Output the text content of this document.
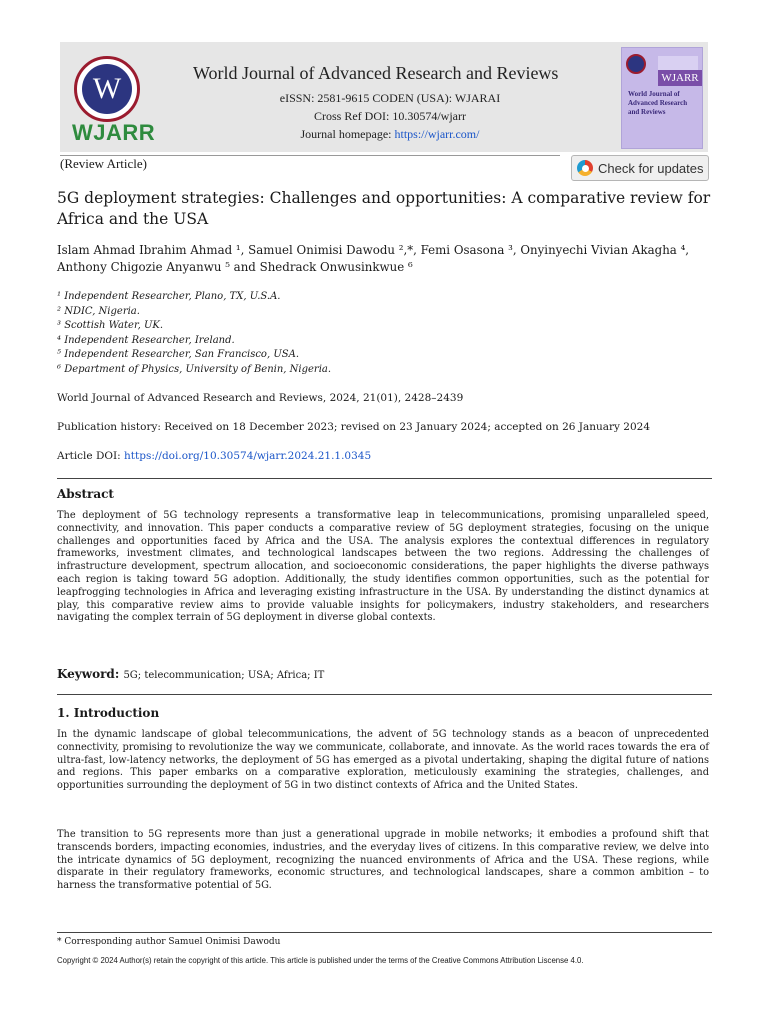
W
WJARR
World Journal of Advanced Research and Reviews
eISSN: 2581-9615 CODEN (USA): WJARAI
Cross Ref DOI: 10.30574/wjarr
Journal homepage: https://wjarr.com/
WJARR
World Journal of Advanced Research and Reviews
(Review Article)	Check for updates
5G deployment strategies: Challenges and opportunities: A comparative review for Africa and the USA
Islam Ahmad Ibrahim Ahmad ¹, Samuel Onimisi Dawodu ²,*, Femi Osasona ³, Onyinyechi Vivian Akagha ⁴,
Anthony Chigozie Anyanwu ⁵ and Shedrack Onwusinkwue ⁶
¹ Independent Researcher, Plano, TX, U.S.A.
² NDIC, Nigeria.
³ Scottish Water, UK.
⁴ Independent Researcher, Ireland.
⁵ Independent Researcher, San Francisco, USA.
⁶ Department of Physics, University of Benin, Nigeria.
World Journal of Advanced Research and Reviews, 2024, 21(01), 2428–2439
Publication history: Received on 18 December 2023; revised on 23 January 2024; accepted on 26 January 2024
Article DOI: https://doi.org/10.30574/wjarr.2024.21.1.0345
Abstract
The deployment of 5G technology represents a transformative leap in telecommunications, promising unparalleled speed, connectivity, and innovation. This paper conducts a comparative review of 5G deployment strategies, focusing on the unique challenges and opportunities faced by Africa and the USA. The analysis explores the contextual differences in regulatory frameworks, investment climates, and technological landscapes between the two regions. Addressing the challenges of infrastructure development, spectrum allocation, and socioeconomic considerations, the paper highlights the diverse pathways each region is taking toward 5G adoption. Additionally, the study identifies common opportunities, such as the potential for leapfrogging technologies in Africa and leveraging existing infrastructure in the USA. By understanding the distinct dynamics at play, this comparative review aims to provide valuable insights for policymakers, industry stakeholders, and researchers navigating the complex terrain of 5G deployment in diverse global contexts.
Keyword: 5G; telecommunication; USA; Africa; IT
1. Introduction
In the dynamic landscape of global telecommunications, the advent of 5G technology stands as a beacon of unprecedented connectivity, promising to revolutionize the way we communicate, collaborate, and innovate. As the world races towards the era of ultra-fast, low-latency networks, the deployment of 5G has emerged as a pivotal undertaking, shaping the digital future of nations and regions. This paper embarks on a comparative exploration, meticulously examining the strategies, challenges, and opportunities surrounding the deployment of 5G in two distinct contexts of Africa and the United States.
The transition to 5G represents more than just a generational upgrade in mobile networks; it embodies a profound shift that transcends borders, impacting economies, industries, and the everyday lives of citizens. In this comparative review, we delve into the intricate dynamics of 5G deployment, recognizing the nuanced environments of Africa and the USA. These regions, while disparate in their regulatory frameworks, economic structures, and technological landscapes, share a common ambition – to harness the transformative potential of 5G.
* Corresponding author Samuel Onimisi Dawodu
Copyright © 2024 Author(s) retain the copyright of this article. This article is published under the terms of the Creative Commons Attribution Liscense 4.0.
